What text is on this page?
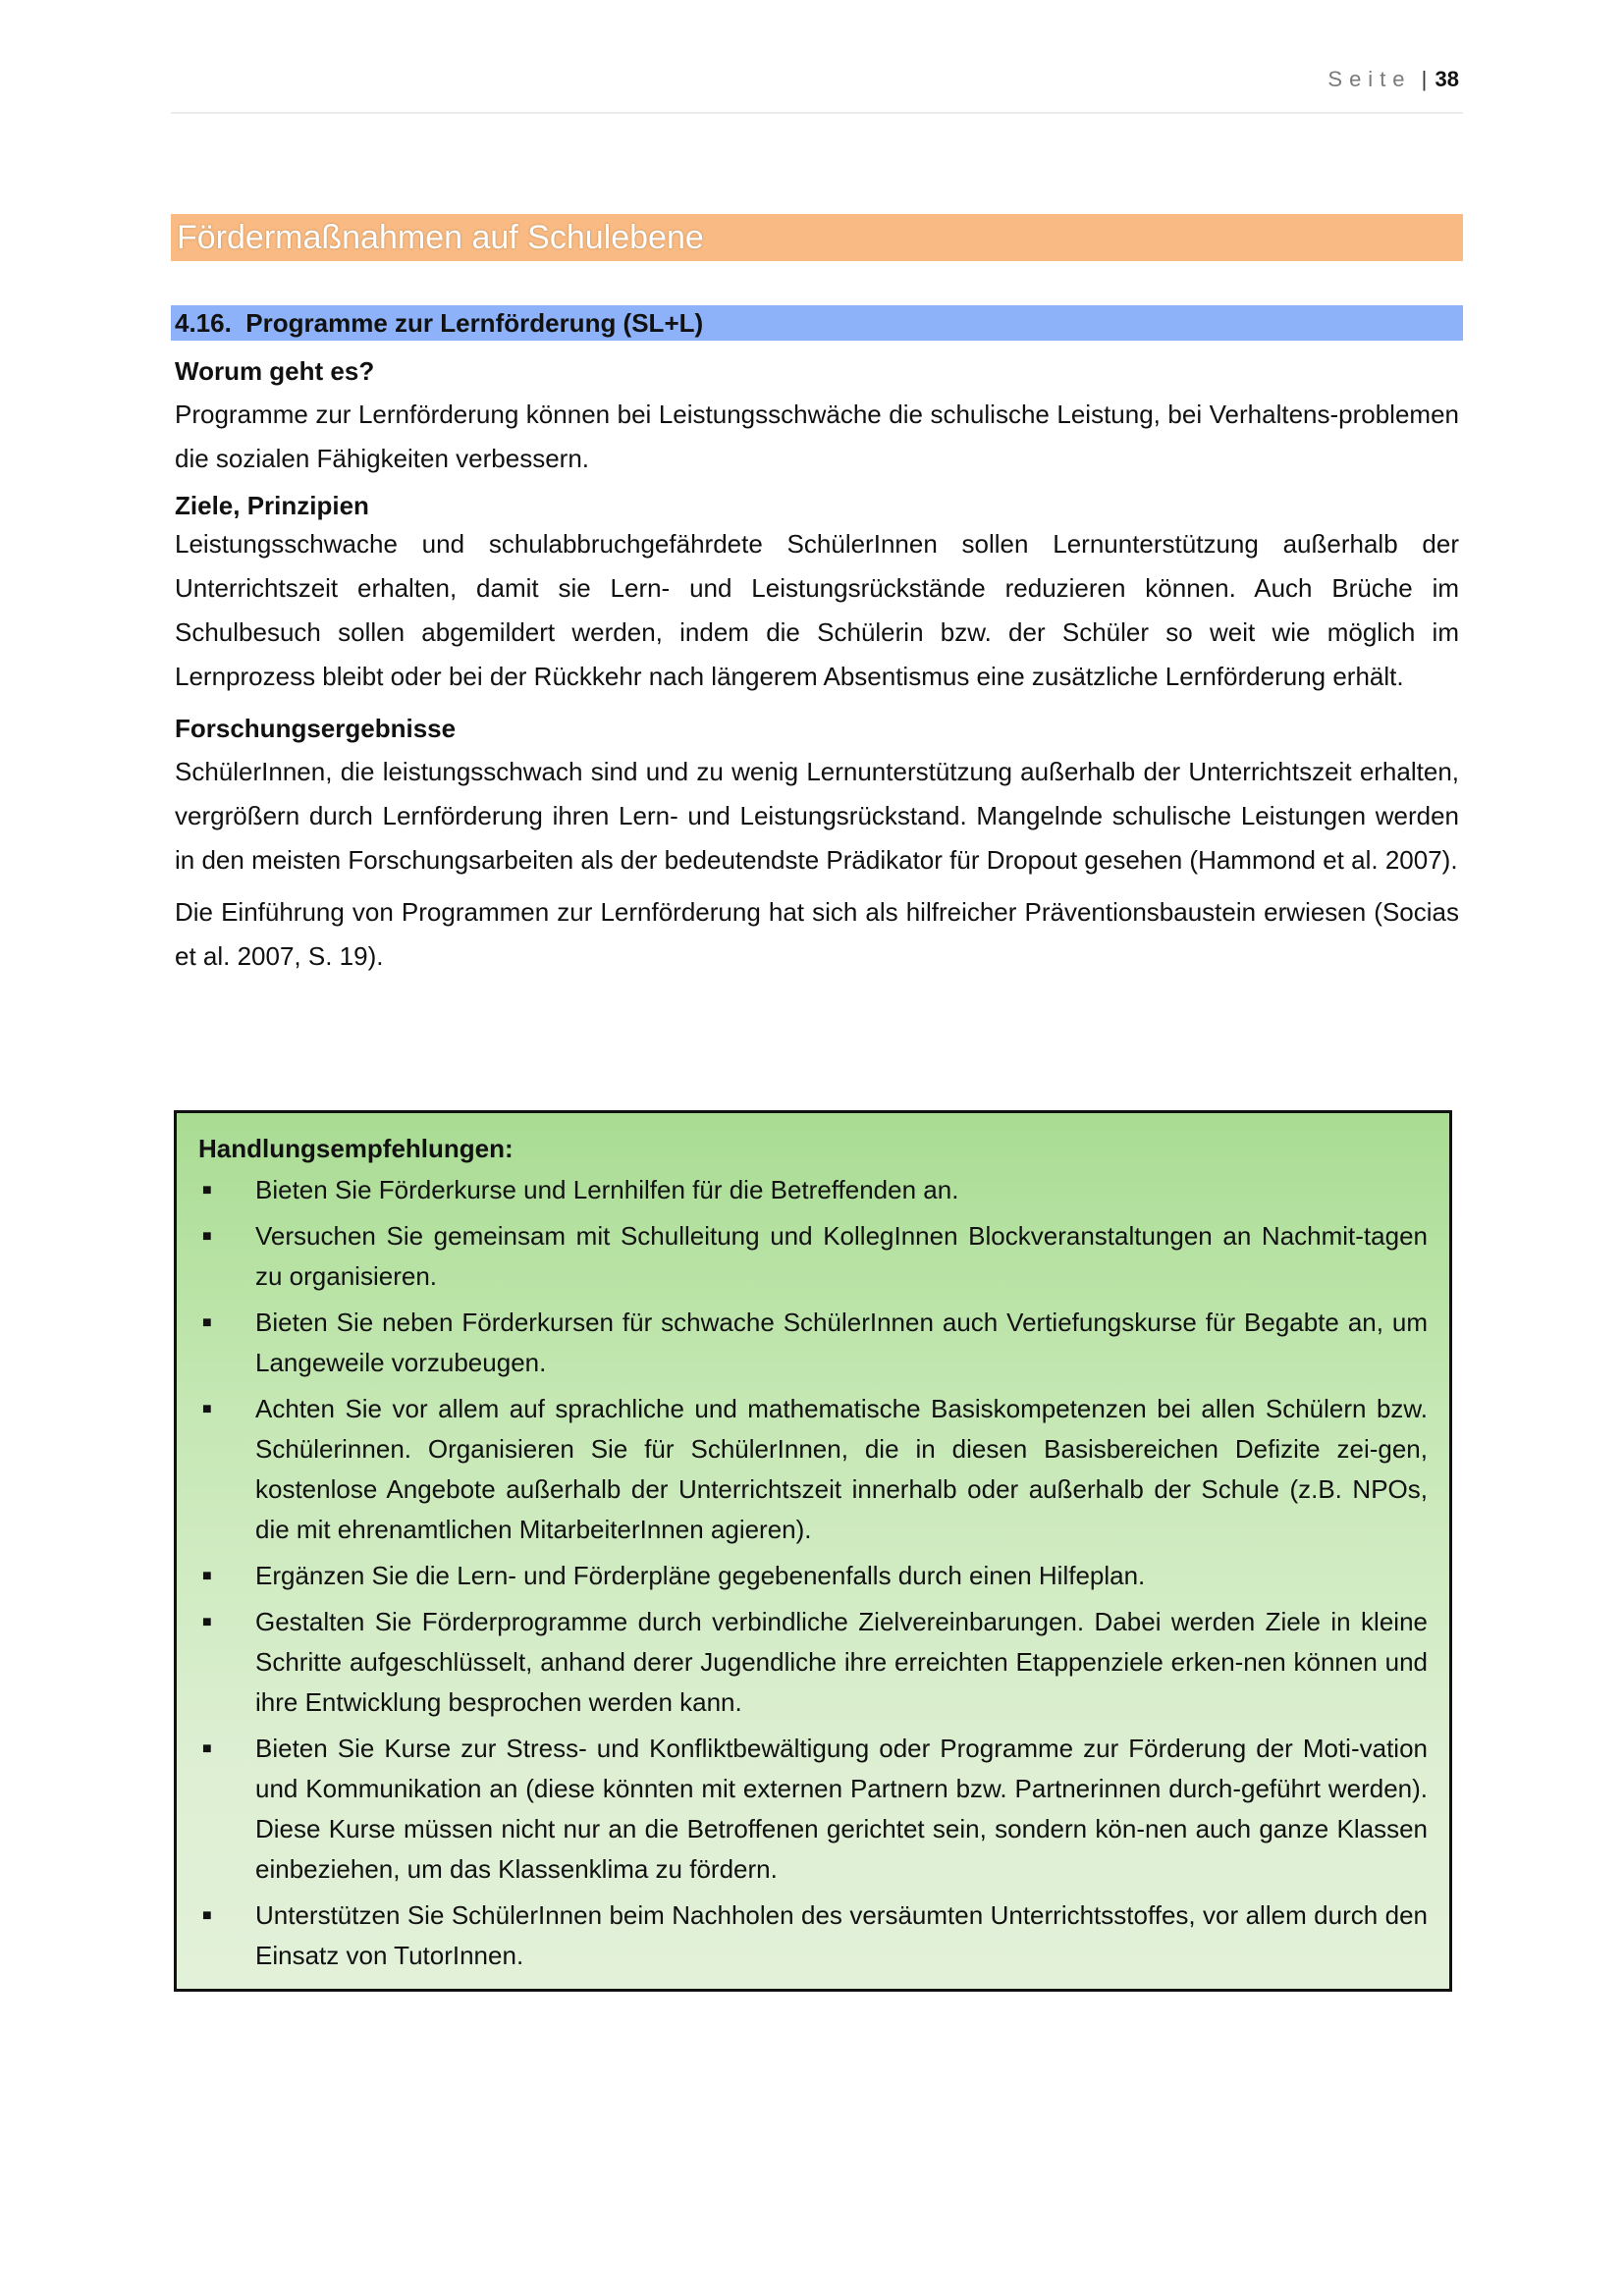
Seite | 38
Fördermaßnahmen auf Schulebene
4.16. Programme zur Lernförderung (SL+L)

Worum geht es?

Programme zur Lernförderung können bei Leistungsschwäche die schulische Leistung, bei Verhaltens-problemen die sozialen Fähigkeiten verbessern.

Ziele, Prinzipien

Leistungsschwache und schulabbruchgefährdete SchülerInnen sollen Lernunterstützung außerhalb der Unterrichtszeit erhalten, damit sie Lern- und Leistungsrückstände reduzieren können. Auch Brüche im Schulbesuch sollen abgemildert werden, indem die Schülerin bzw. der Schüler so weit wie möglich im Lernprozess bleibt oder bei der Rückkehr nach längerem Absentismus eine zusätzliche Lernförderung erhält.

Forschungsergebnisse

SchülerInnen, die leistungsschwach sind und zu wenig Lernunterstützung außerhalb der Unterrichtszeit erhalten, vergrößern durch Lernförderung ihren Lern- und Leistungsrückstand. Mangelnde schulische Leistungen werden in den meisten Forschungsarbeiten als der bedeutendste Prädikator für Dropout gesehen (Hammond et al. 2007).

Die Einführung von Programmen zur Lernförderung hat sich als hilfreicher Präventionsbaustein erwiesen (Socias et al. 2007, S. 19).

Handlungsempfehlungen:

■	Bieten Sie Förderkurse und Lernhilfen für die Betreffenden an.
■	Versuchen Sie gemeinsam mit Schulleitung und KollegInnen Blockveranstaltungen an Nachmit-tagen zu organisieren.
■	Bieten Sie neben Förderkursen für schwache SchülerInnen auch Vertiefungskurse für Begabte an, um Langeweile vorzubeugen.
■	Achten Sie vor allem auf sprachliche und mathematische Basiskompetenzen bei allen Schülern bzw. Schülerinnen. Organisieren Sie für SchülerInnen, die in diesen Basisbereichen Defizite zei-gen, kostenlose Angebote außerhalb der Unterrichtszeit innerhalb oder außerhalb der Schule (z.B. NPOs, die mit ehrenamtlichen MitarbeiterInnen agieren).
■	Ergänzen Sie die Lern- und Förderpläne gegebenenfalls durch einen Hilfeplan.
■	Gestalten Sie Förderprogramme durch verbindliche Zielvereinbarungen. Dabei werden Ziele in kleine Schritte aufgeschlüsselt, anhand derer Jugendliche ihre erreichten Etappenziele erken-nen können und ihre Entwicklung besprochen werden kann.
■	Bieten Sie Kurse zur Stress- und Konfliktbewältigung oder Programme zur Förderung der Moti-vation und Kommunikation an (diese könnten mit externen Partnern bzw. Partnerinnen durch-geführt werden). Diese Kurse müssen nicht nur an die Betroffenen gerichtet sein, sondern kön-nen auch ganze Klassen einbeziehen, um das Klassenklima zu fördern.
■	Unterstützen Sie SchülerInnen beim Nachholen des versäumten Unterrichtsstoffes, vor allem durch den Einsatz von TutorInnen.
